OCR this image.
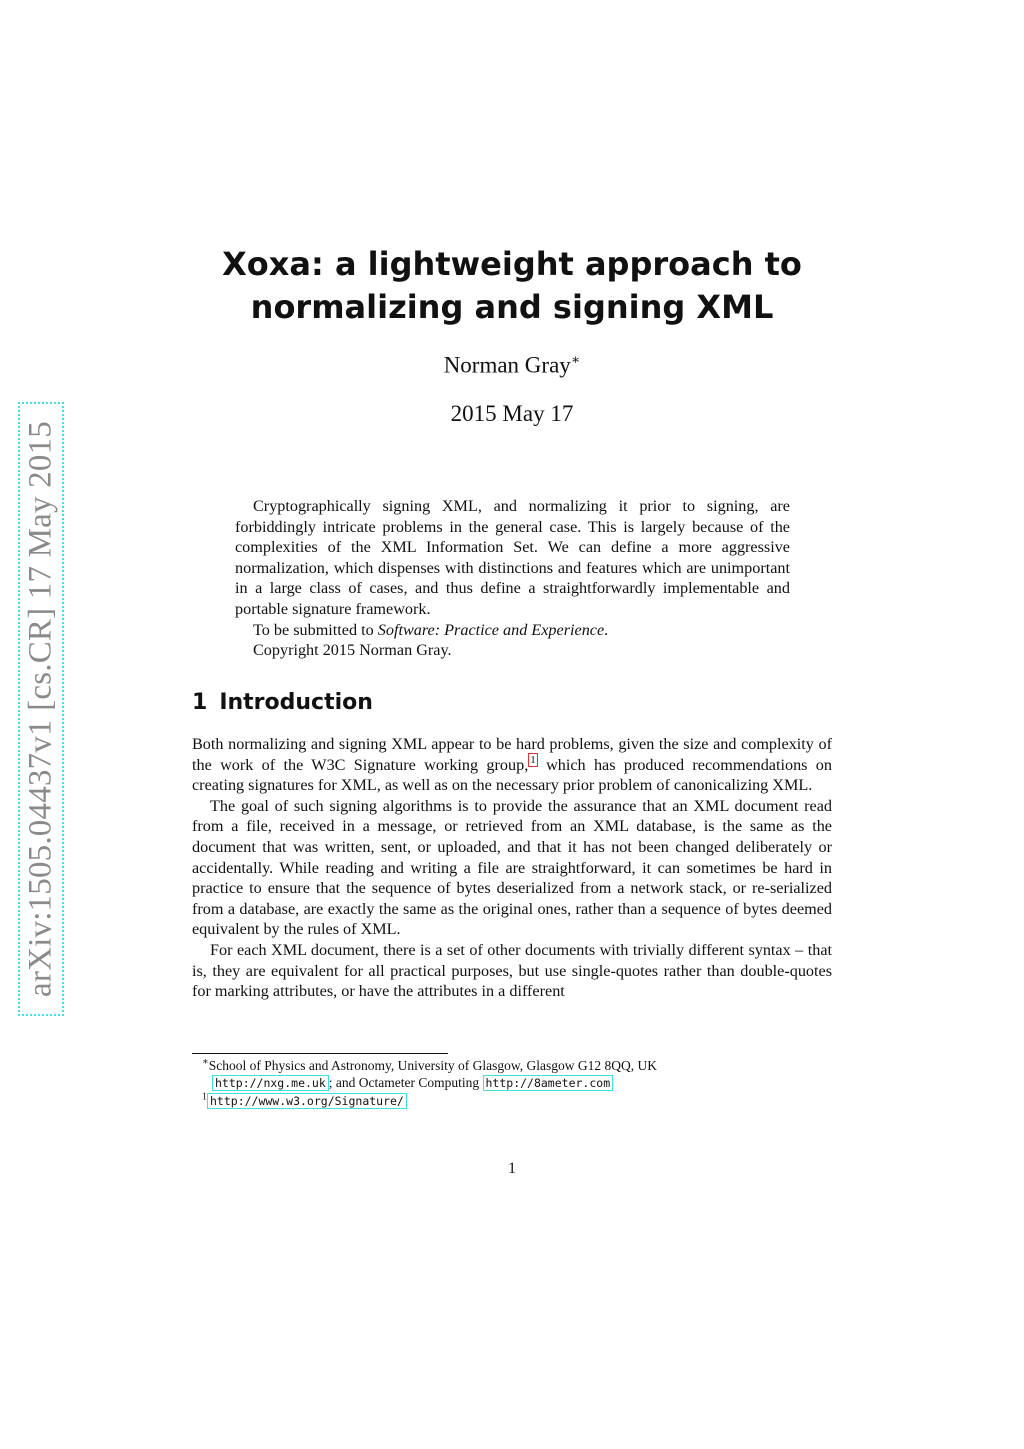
arXiv:1505.04437v1 [cs.CR] 17 May 2015
Xoxa: a lightweight approach to
normalizing and signing XML
Norman Gray∗
2015 May 17

Cryptographically signing XML, and normalizing it prior to signing, are forbiddingly intricate problems in the general case. This is largely because of the complexities of the XML Information Set. We can define a more aggressive normalization, which dispenses with distinctions and features which are unimportant in a large class of cases, and thus define a straightforwardly implementable and portable signature framework.

To be submitted to Software: Practice and Experience.

Copyright 2015 Norman Gray.

1 Introduction

Both normalizing and signing XML appear to be hard problems, given the size and complexity of the work of the W3C Signature working group, $^1$ which has produced recommendations on creating signatures for XML, as well as on the necessary prior problem of canonicalizing XML.

The goal of such signing algorithms is to provide the assurance that an XML document read from a file, received in a message, or retrieved from an XML database, is the same as the document that was written, sent, or uploaded, and that it has not been changed deliberately or accidentally. While reading and writing a file are straightforward, it can sometimes be hard in practice to ensure that the sequence of bytes deserialized from a network stack, or re-serialized from a database, are exactly the same as the original ones, rather than a sequence of bytes deemed equivalent by the rules of XML.

For each XML document, there is a set of other documents with trivially different syntax – that is, they are equivalent for all practical purposes, but use single-quotes rather than double-quotes for marking attributes, or have the attributes in a different

∗School of Physics and Astronomy, University of Glasgow, Glasgow G12 8QQ, UK

http://nxg.me.uk ; and Octameter Computing http://8ameter.com

$^1$ http://www.w3.org/Signature/

1
